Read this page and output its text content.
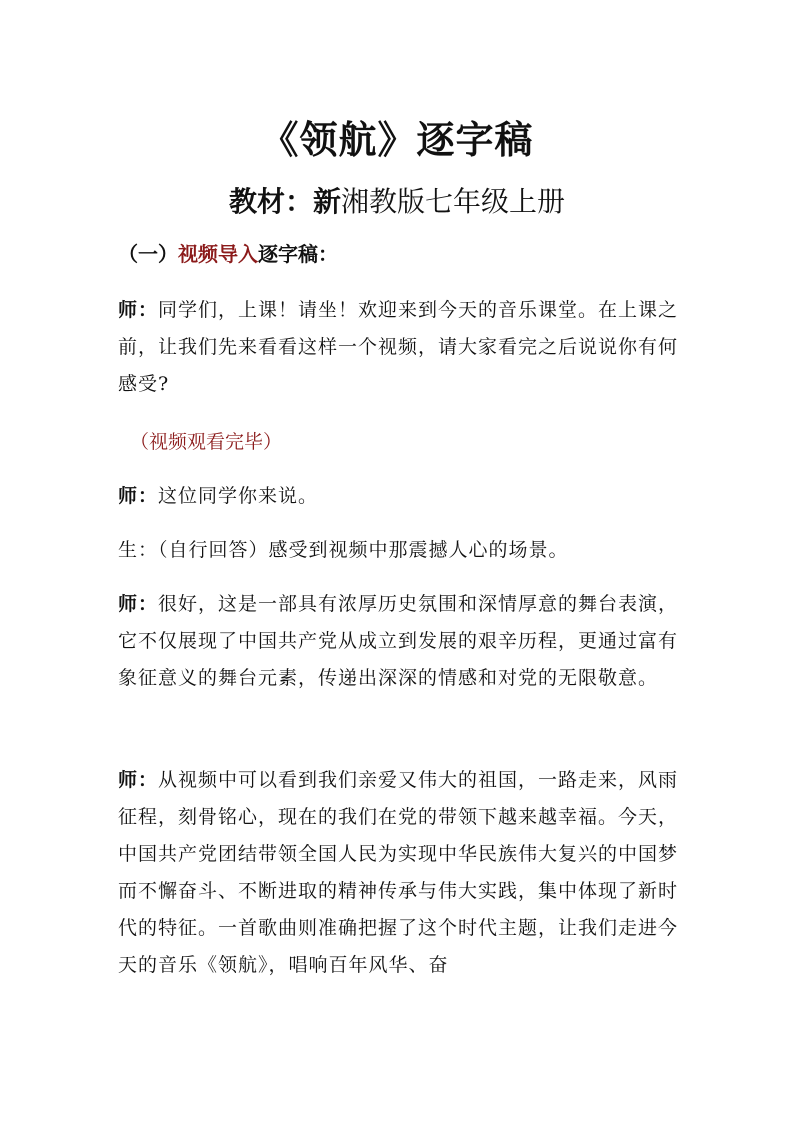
《领航》逐字稿
教材：新湘教版七年级上册
（一）视频导入逐字稿：
师：同学们，上课！请坐！欢迎来到今天的音乐课堂。在上课之前，让我们先来看看这样一个视频，请大家看完之后说说你有何感受?
（视频观看完毕）
师：这位同学你来说。
生：（自行回答）感受到视频中那震撼人心的场景。
师：很好，这是一部具有浓厚历史氛围和深情厚意的舞台表演，它不仅展现了中国共产党从成立到发展的艰辛历程，更通过富有象征意义的舞台元素，传递出深深的情感和对党的无限敬意。
师：从视频中可以看到我们亲爱又伟大的祖国，一路走来，风雨征程，刻骨铭心，现在的我们在党的带领下越来越幸福。今天，中国共产党团结带领全国人民为实现中华民族伟大复兴的中国梦而不懈奋斗、不断进取的精神传承与伟大实践，集中体现了新时代的特征。一首歌曲则准确把握了这个时代主题，让我们走进今天的音乐《领航》，唱响百年风华、奋
